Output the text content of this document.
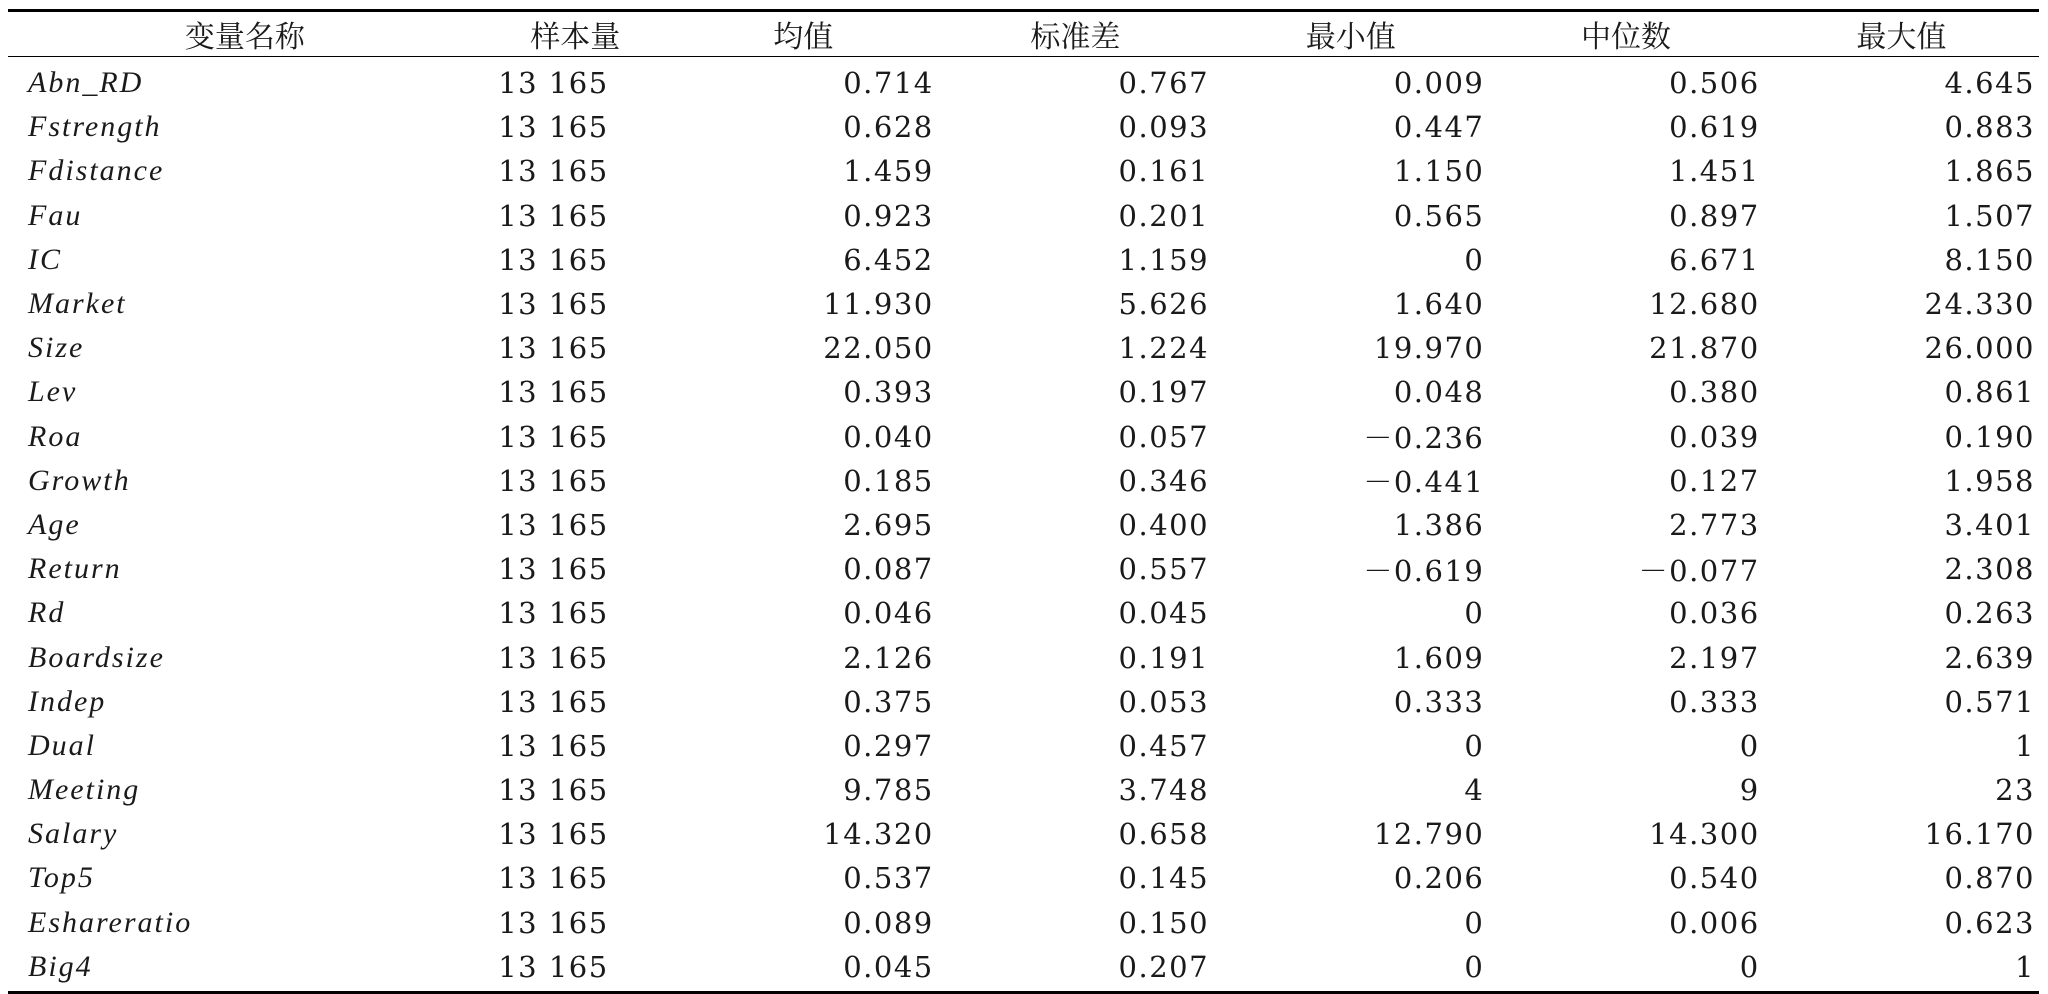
变量名称	样本量	均值	标准差	最小值	中位数	最大值
Abn_RD	13 165	0.714	0.767	0.009	0.506	4.645
Fstrength	13 165	0.628	0.093	0.447	0.619	0.883
Fdistance	13 165	1.459	0.161	1.150	1.451	1.865
Fau	13 165	0.923	0.201	0.565	0.897	1.507
IC	13 165	6.452	1.159	0	6.671	8.150
Market	13 165	11.930	5.626	1.640	12.680	24.330
Size	13 165	22.050	1.224	19.970	21.870	26.000
Lev	13 165	0.393	0.197	0.048	0.380	0.861
Roa	13 165	0.040	0.057	－0.236	0.039	0.190
Growth	13 165	0.185	0.346	－0.441	0.127	1.958
Age	13 165	2.695	0.400	1.386	2.773	3.401
Return	13 165	0.087	0.557	－0.619	－0.077	2.308
Rd	13 165	0.046	0.045	0	0.036	0.263
Boardsize	13 165	2.126	0.191	1.609	2.197	2.639
Indep	13 165	0.375	0.053	0.333	0.333	0.571
Dual	13 165	0.297	0.457	0	0	1
Meeting	13 165	9.785	3.748	4	9	23
Salary	13 165	14.320	0.658	12.790	14.300	16.170
Top5	13 165	0.537	0.145	0.206	0.540	0.870
Eshareratio	13 165	0.089	0.150	0	0.006	0.623
Big4	13 165	0.045	0.207	0	0	1
